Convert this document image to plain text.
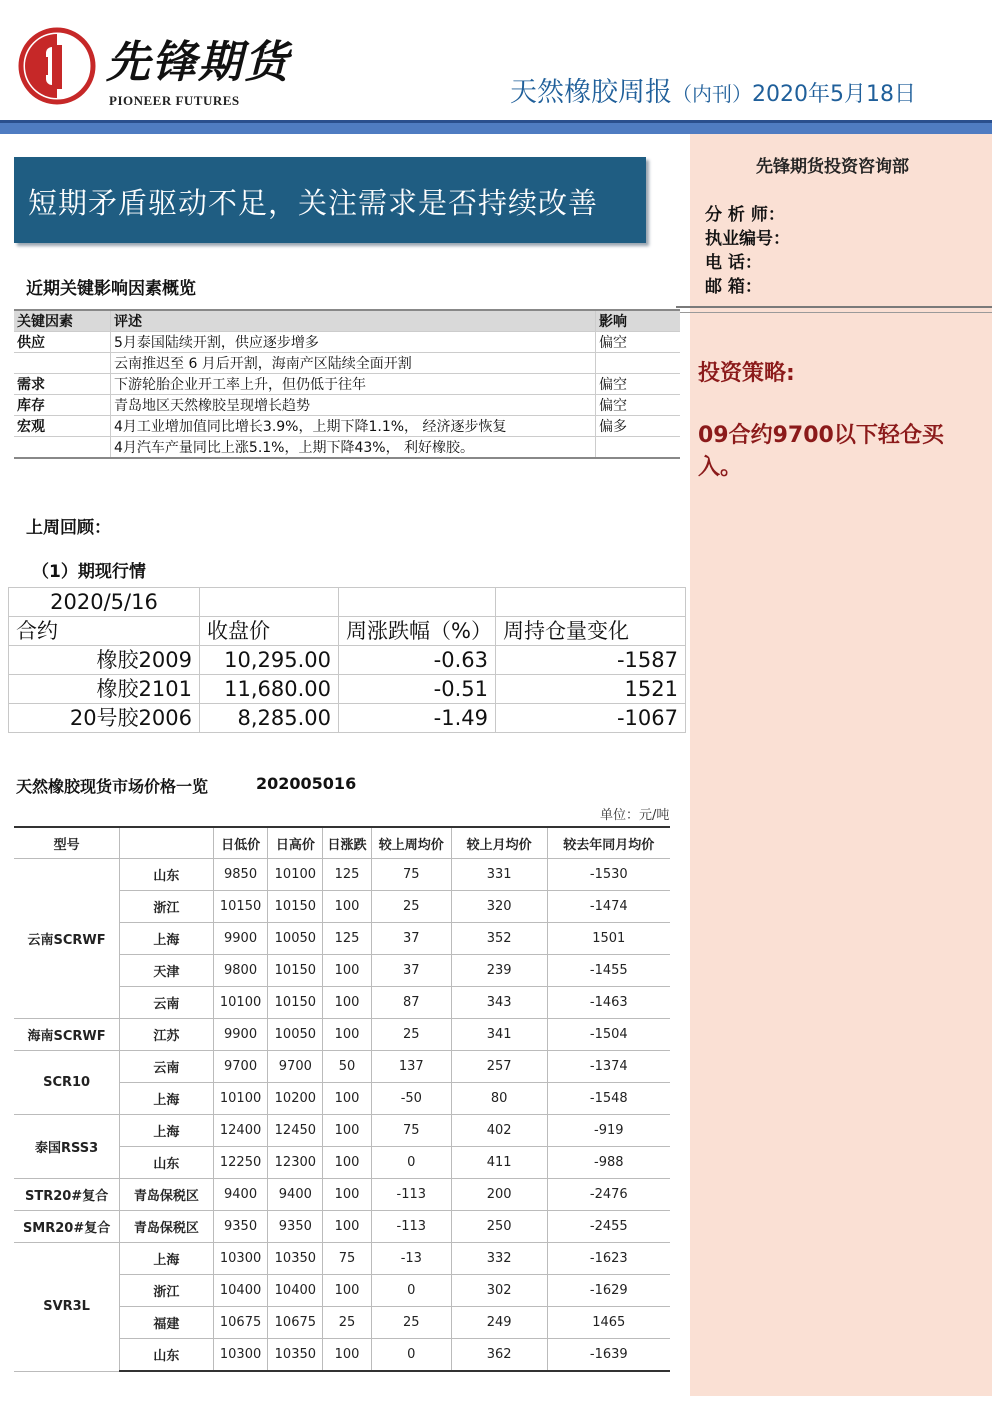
先锋期货
PIONEER FUTURES	天然橡胶周报（内刊）2020年5月18日
先锋期货投资咨询部
分 析 师：
执业编号：
电 话：
邮 箱：
投资策略:
09合约9700以下轻仓买入。
短期矛盾驱动不足，关注需求是否持续改善
近期关键影响因素概览
关键因素	评述	影响
供应	5月泰国陆续开割，供应逐步增多	偏空
	云南推迟至 6 月后开割，海南产区陆续全面开割	
需求	下游轮胎企业开工率上升，但仍低于往年	偏空
库存	青岛地区天然橡胶呈现增长趋势	偏空
宏观	4月工业增加值同比增长3.9%，上期下降1.1%， 经济逐步恢复	偏多
	4月汽车产量同比上涨5.1%，上期下降43%， 利好橡胶。	
上周回顾：
（1）期现行情
2020/5/16			
合约	收盘价	周涨跌幅（%）	周持仓量变化
橡胶2009	10,295.00	-0.63	-1587
橡胶2101	11,680.00	-0.51	1521
20号胶2006	8,285.00	-1.49	-1067
天然橡胶现货市场价格一览	202005016
单位：元/吨
型号		日低价	日高价	日涨跌	较上周均价	较上月均价	较去年同月均价
云南SCRWF	山东	9850	10100	125	75	331	-1530
	浙江	10150	10150	100	25	320	-1474
	上海	9900	10050	125	37	352	1501
	天津	9800	10150	100	37	239	-1455
	云南	10100	10150	100	87	343	-1463
海南SCRWF	江苏	9900	10050	100	25	341	-1504
SCR10	云南	9700	9700	50	137	257	-1374
	上海	10100	10200	100	-50	80	-1548
泰国RSS3	上海	12400	12450	100	75	402	-919
	山东	12250	12300	100	0	411	-988
STR20#复合	青岛保税区	9400	9400	100	-113	200	-2476
SMR20#复合	青岛保税区	9350	9350	100	-113	250	-2455
SVR3L	上海	10300	10350	75	-13	332	-1623
	浙江	10400	10400	100	0	302	-1629
	福建	10675	10675	25	25	249	1465
	山东	10300	10350	100	0	362	-1639
